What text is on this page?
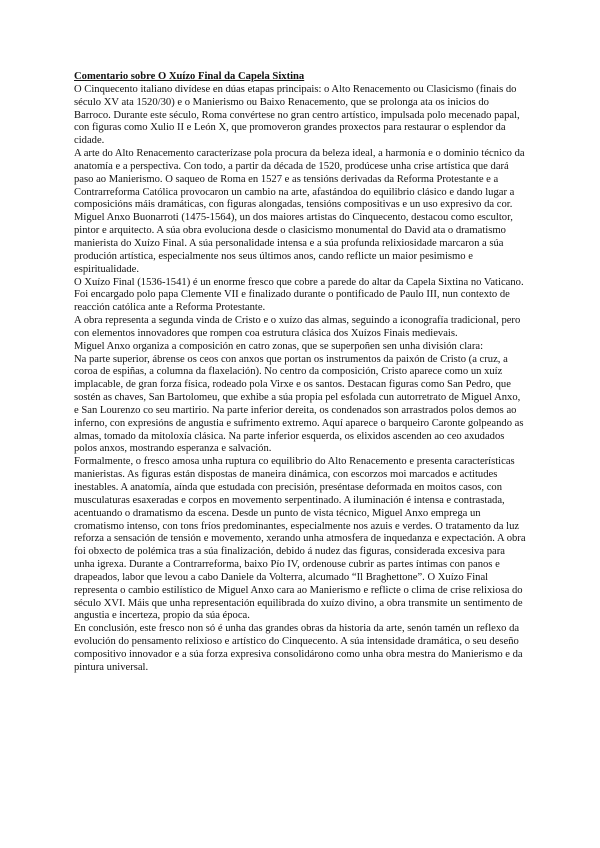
Comentario sobre O Xuízo Final da Capela Sixtina

O Cinquecento italiano divídese en dúas etapas principais: o Alto Renacemento ou Clasicismo (finais do século XV ata 1520/30) e o Manierismo ou Baixo Renacemento, que se prolonga ata os inicios do Barroco. Durante este século, Roma convértese no gran centro artístico, impulsada polo mecenado papal, con figuras como Xulio II e León X, que promoveron grandes proxectos para restaurar o esplendor da cidade.

A arte do Alto Renacemento caracterízase pola procura da beleza ideal, a harmonía e o dominio técnico da anatomía e a perspectiva. Con todo, a partir da década de 1520, prodúcese unha crise artística que dará paso ao Manierismo. O saqueo de Roma en 1527 e as tensións derivadas da Reforma Protestante e a Contrarreforma Católica provocaron un cambio na arte, afastándoa do equilibrio clásico e dando lugar a composicións máis dramáticas, con figuras alongadas, tensións compositivas e un uso expresivo da cor.

Miguel Anxo Buonarroti (1475-1564), un dos maiores artistas do Cinquecento, destacou como escultor, pintor e arquitecto. A súa obra evoluciona desde o clasicismo monumental do David ata o dramatismo manierista do Xuízo Final. A súa personalidade intensa e a súa profunda relixiosidade marcaron a súa produción artística, especialmente nos seus últimos anos, cando reflicte un maior pesimismo e espiritualidade.

O Xuízo Final (1536-1541) é un enorme fresco que cobre a parede do altar da Capela Sixtina no Vaticano. Foi encargado polo papa Clemente VII e finalizado durante o pontificado de Paulo III, nun contexto de reacción católica ante a Reforma Protestante.

A obra representa a segunda vinda de Cristo e o xuízo das almas, seguindo a iconografía tradicional, pero con elementos innovadores que rompen coa estrutura clásica dos Xuízos Finais medievais.

Miguel Anxo organiza a composición en catro zonas, que se superpoñen sen unha división clara:

Na parte superior, ábrense os ceos con anxos que portan os instrumentos da paixón de Cristo (a cruz, a coroa de espiñas, a columna da flaxelación). No centro da composición, Cristo aparece como un xuíz implacable, de gran forza física, rodeado pola Virxe e os santos. Destacan figuras como San Pedro, que sostén as chaves, San Bartolomeu, que exhibe a súa propia pel esfolada cun autorretrato de Miguel Anxo, e San Lourenzo co seu martirio. Na parte inferior dereita, os condenados son arrastrados polos demos ao inferno, con expresións de angustia e sufrimento extremo. Aquí aparece o barqueiro Caronte golpeando as almas, tomado da mitoloxía clásica. Na parte inferior esquerda, os elixidos ascenden ao ceo axudados polos anxos, mostrando esperanza e salvación.

Formalmente, o fresco amosa unha ruptura co equilibrio do Alto Renacemento e presenta características manieristas. As figuras están dispostas de maneira dinámica, con escorzos moi marcados e actitudes inestables. A anatomía, aínda que estudada con precisión, preséntase deformada en moitos casos, con musculaturas esaxeradas e corpos en movemento serpentinado. A iluminación é intensa e contrastada, acentuando o dramatismo da escena. Desde un punto de vista técnico, Miguel Anxo emprega un cromatismo intenso, con tons fríos predominantes, especialmente nos azuis e verdes. O tratamento da luz reforza a sensación de tensión e movemento, xerando unha atmosfera de inquedanza e expectación. A obra foi obxecto de polémica tras a súa finalización, debido á nudez das figuras, considerada excesiva para unha igrexa. Durante a Contrarreforma, baixo Pío IV, ordenouse cubrir as partes íntimas con panos e drapeados, labor que levou a cabo Daniele da Volterra, alcumado “Il Braghettone”. O Xuízo Final representa o cambio estilístico de Miguel Anxo cara ao Manierismo e reflicte o clima de crise relixiosa do século XVI. Máis que unha representación equilibrada do xuízo divino, a obra transmite un sentimento de angustia e incerteza, propio da súa época.

En conclusión, este fresco non só é unha das grandes obras da historia da arte, senón tamén un reflexo da evolución do pensamento relixioso e artístico do Cinquecento. A súa intensidade dramática, o seu deseño compositivo innovador e a súa forza expresiva consolidárono como unha obra mestra do Manierismo e da pintura universal.
